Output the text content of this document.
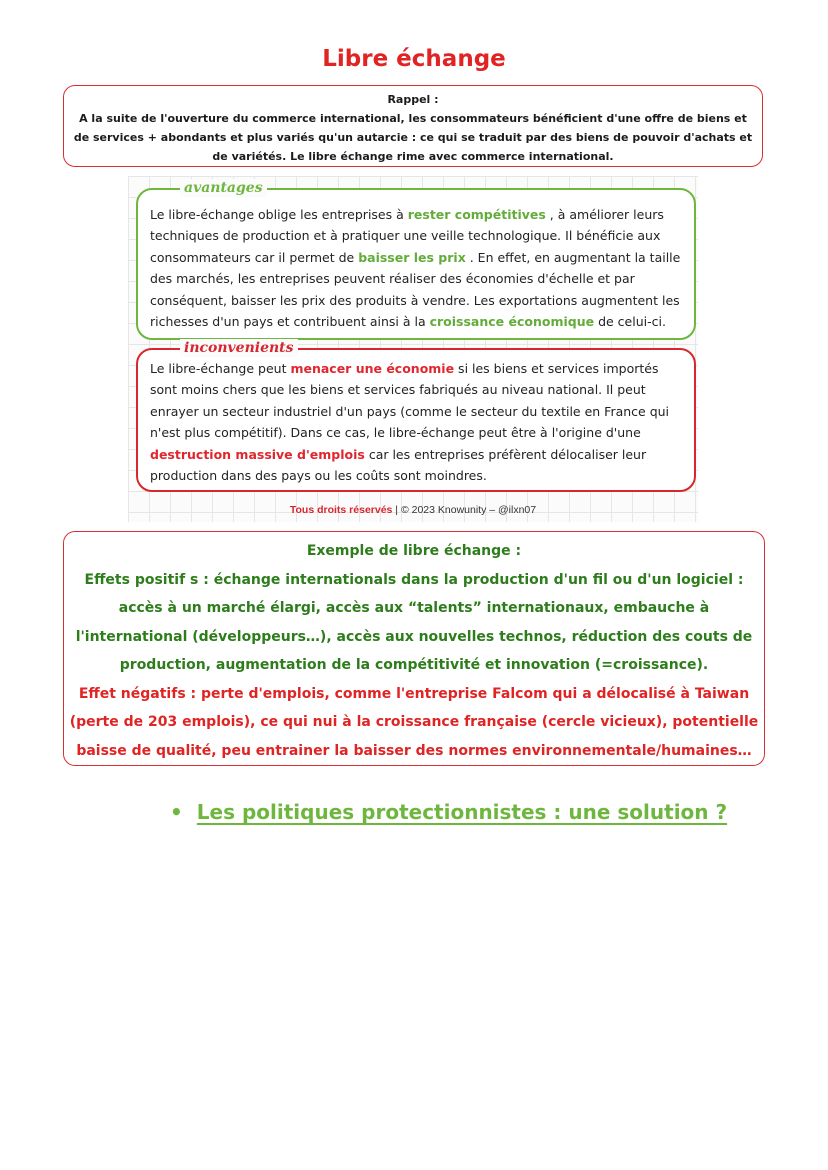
Libre échange
Rappel :
A la suite de l'ouverture du commerce international, les consommateurs bénéficient d'une offre de biens et de services + abondants et plus variés qu'un autarcie : ce qui se traduit par des biens de pouvoir d'achats et de variétés. Le libre échange rime avec commerce international.
avantages
Le libre-échange oblige les entreprises à rester compétitives , à améliorer leurs techniques de production et à pratiquer une veille technologique. Il bénéficie aux consommateurs car il permet de baisser les prix . En effet, en augmentant la taille des marchés, les entreprises peuvent réaliser des économies d'échelle et par conséquent, baisser les prix des produits à vendre. Les exportations augmentent les richesses d'un pays et contribuent ainsi à la croissance économique de celui-ci.
inconvenients
Le libre-échange peut menacer une économie si les biens et services importés sont moins chers que les biens et services fabriqués au niveau national. Il peut enrayer un secteur industriel d'un pays (comme le secteur du textile en France qui n'est plus compétitif). Dans ce cas, le libre-échange peut être à l'origine d'une destruction massive d'emplois car les entreprises préfèrent délocaliser leur production dans des pays ou les coûts sont moindres.
Tous droits réservés | © 2023 Knowunity – @ilxn07
Exemple de libre échange :
Effets positif s : échange internationals dans la production d'un fil ou d'un logiciel : accès à un marché élargi, accès aux “talents” internationaux, embauche à l'international (développeurs…), accès aux nouvelles technos, réduction des couts de production, augmentation de la compétitivité et innovation (=croissance).
Effet négatifs : perte d'emplois, comme l'entreprise Falcom qui a délocalisé à Taiwan (perte de 203 emplois), ce qui nui à la croissance française (cercle vicieux), potentielle baisse de qualité, peu entrainer la baisser des normes environnementale/humaines…
• Les politiques protectionnistes : une solution ?
